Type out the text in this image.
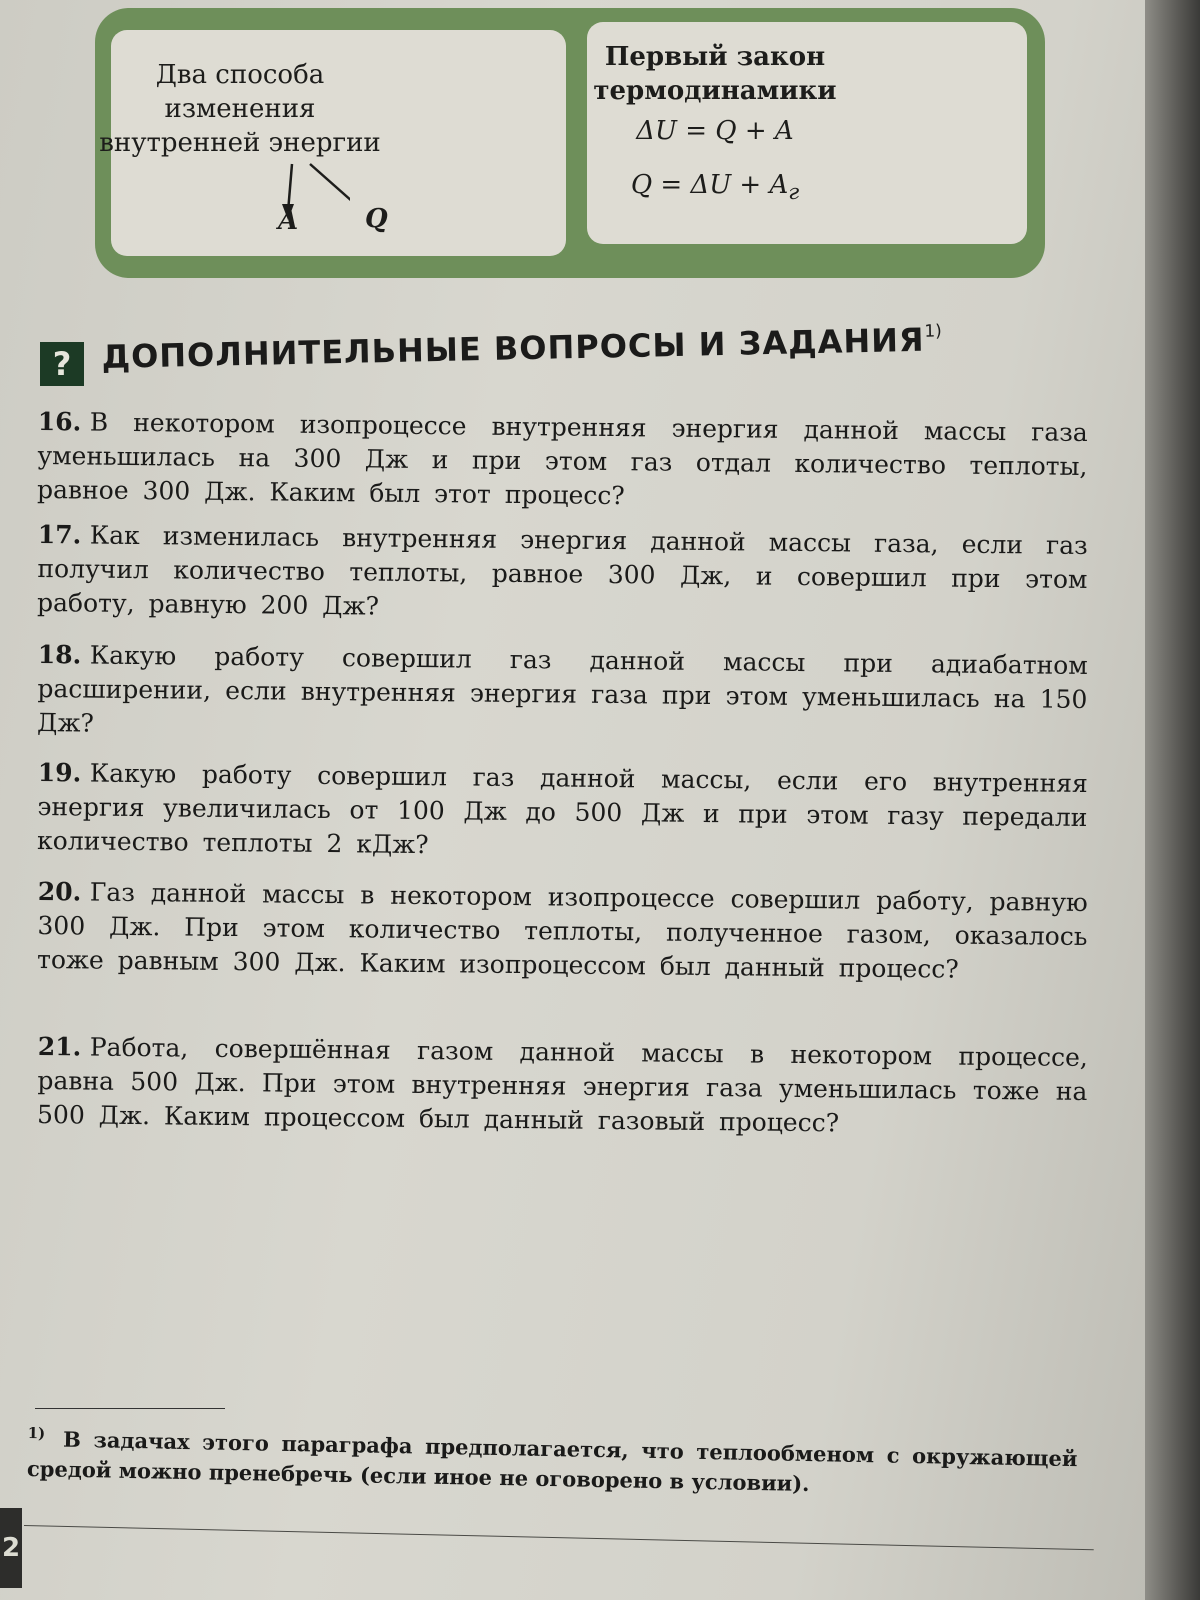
Два способа
изменения
внутренней энергии
A	Q
Первый закон
термодинамики
ΔU = Q + A
$Q = \Delta U + A_г$
? ДОПОЛНИТЕЛЬНЫЕ ВОПРОСЫ И ЗАДАНИЯ$^{1)}$
16. В некотором изопроцессе внутренняя энергия данной массы газа уменьшилась на 300 Дж и при этом газ отдал количество теплоты, равное 300 Дж. Каким был этот процесс?
17. Как изменилась внутренняя энергия данной массы газа, если газ получил количество теплоты, равное 300 Дж, и совершил при этом работу, равную 200 Дж?
18. Какую работу совершил газ данной массы при адиабатном расширении, если внутренняя энергия газа при этом уменьшилась на 150 Дж?
19. Какую работу совершил газ данной массы, если его внутренняя энергия увеличилась от 100 Дж до 500 Дж и при этом газу передали количество теплоты 2 кДж?
20. Газ данной массы в некотором изопроцессе совершил работу, равную 300 Дж. При этом количество теплоты, полученное газом, оказалось тоже равным 300 Дж. Каким изопроцессом был данный процесс?
21. Работа, совершённая газом данной массы в некотором процессе, равна 500 Дж. При этом внутренняя энергия газа уменьшилась тоже на 500 Дж. Каким процессом был данный газовый процесс?
$^{1)}$ В задачах этого параграфа предполагается, что теплообменом с окружающей средой можно пренебречь (если иное не оговорено в условии).
2
